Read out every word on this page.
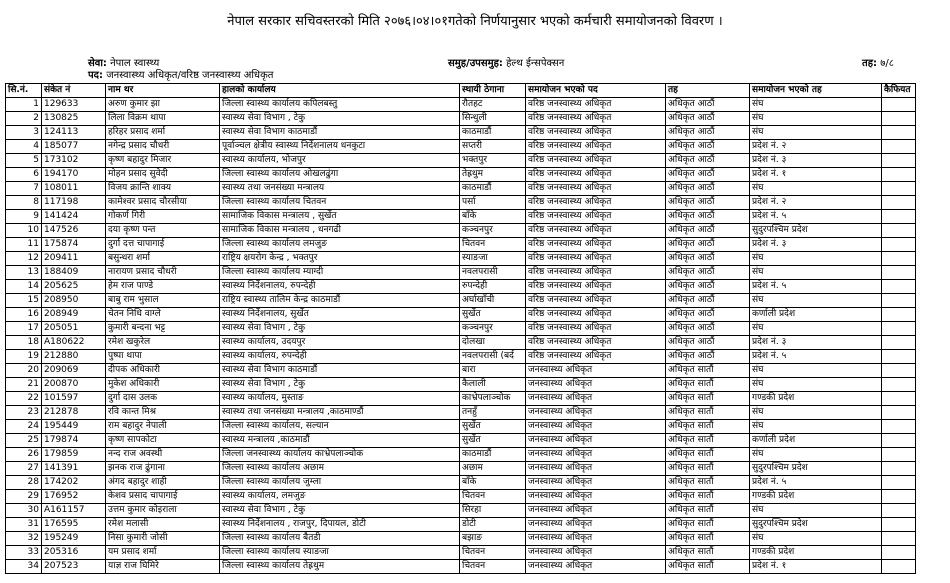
नेपाल सरकार सचिवस्तरको मिति २०७६।०४।०१गतेको निर्णयानुसार भएको कर्मचारी समायोजनको विवरण ।
सेवा: नेपाल स्वास्थ्य	समुह/उपसमुह: हेल्थ ईन्सपेक्सन	तह: ७/८
पद: जनस्वास्थ्य अधिकृत/वरिष्ठ जनस्वास्थ्य अधिकृत
सि.नं.	संकेत नं	नाम थर	हालको कार्यालय	स्थायी ठेगाना	समायोजन भएको पद	तह	समायोजन भएको तह	कैफियत
1	129633	अरुण कुमार झा	जिल्ला स्वास्थ्य कार्यालय कपिलबस्तु	रौतहट	वरिष्ठ जनस्वास्थ्य अधिकृत	अधिकृत आठौं	संघ	
2	130825	लिला विक्रम थापा	स्वास्थ्य सेवा विभाग , टेकु	सिन्धुली	वरिष्ठ जनस्वास्थ्य अधिकृत	अधिकृत आठौं	संघ	
3	124113	हरिहर प्रसाद शर्मा	स्वास्थ्य सेवा विभाग काठमाडौं	काठमाडौं	वरिष्ठ जनस्वास्थ्य अधिकृत	अधिकृत आठौं	संघ	
4	185077	नगेन्द्र प्रसाद चौधरी	पूर्वाञ्चल क्षेत्रीय स्वास्थ्य निर्देशनालय धनकुटा	सप्तरी	वरिष्ठ जनस्वास्थ्य अधिकृत	अधिकृत आठौं	प्रदेश नं. २	
5	173102	कृष्ण बहादुर मिजार	स्वास्थ्य कार्यालय, भोजपुर	भक्तपुर	वरिष्ठ जनस्वास्थ्य अधिकृत	अधिकृत आठौं	प्रदेश नं. ३	
6	194170	मोहन प्रसाद सुवेदी	जिल्ला स्वास्थ्य कार्यालय ओखलढुंगा	तेह्रथुम	वरिष्ठ जनस्वास्थ्य अधिकृत	अधिकृत आठौं	प्रदेश नं. १	
7	108011	विजय क्रान्ति शाक्य	स्वास्थ्य तथा जनसंख्या मन्त्रालय	काठमाडौं	वरिष्ठ जनस्वास्थ्य अधिकृत	अधिकृत आठौं	संघ	
8	117198	कामेश्वर प्रसाद चौरसीया	जिल्ला स्वास्थ्य कार्यालय चितवन	पर्सा	वरिष्ठ जनस्वास्थ्य अधिकृत	अधिकृत आठौं	प्रदेश नं. २	
9	141424	गोकर्ण गिरी	सामाजिक विकास मन्त्रालय , सुर्खेत	बाँके	वरिष्ठ जनस्वास्थ्य अधिकृत	अधिकृत आठौं	प्रदेश नं. ५	
10	147526	दया कृष्ण पन्त	सामाजिक विकास मन्त्रालय , धनगढी	कञ्चनपुर	वरिष्ठ जनस्वास्थ्य अधिकृत	अधिकृत आठौं	सुदुरपश्चिम प्रदेश	
11	175874	दुर्गा दत्त चापागाई	जिल्ला स्वास्थ्य कार्यालय लमजुङ	चितवन	वरिष्ठ जनस्वास्थ्य अधिकृत	अधिकृत आठौं	प्रदेश नं. ३	
12	209411	बसुन्धरा शर्मा	राष्ट्रिय क्षयरोग केन्द्र , भक्तपुर	स्याङजा	वरिष्ठ जनस्वास्थ्य अधिकृत	अधिकृत आठौं	संघ	
13	188409	नारायण प्रसाद चौधरी	जिल्ला स्वास्थ्य कार्यालय म्याग्दी	नवलपरासी	वरिष्ठ जनस्वास्थ्य अधिकृत	अधिकृत आठौं	संघ	
14	205625	हेम राज पाण्डे	स्वास्थ्य निर्देशनालय, रुपन्देही	रुपन्देही	वरिष्ठ जनस्वास्थ्य अधिकृत	अधिकृत आठौं	प्रदेश नं. ५	
15	208950	बाबु राम भुसाल	राष्ट्रिय स्वास्थ्य तालिम केन्द्र काठमाडौं	अर्घाखाँची	वरिष्ठ जनस्वास्थ्य अधिकृत	अधिकृत आठौं	संघ	
16	208949	चेतन निधि वाग्ले	स्वास्थ्य निर्देशनालय, सुर्खेत	सुर्खेत	वरिष्ठ जनस्वास्थ्य अधिकृत	अधिकृत आठौं	कर्णाली प्रदेश	
17	205051	कुमारी बन्दना भट्ट	स्वास्थ्य सेवा विभाग , टेकु	कञ्चनपुर	वरिष्ठ जनस्वास्थ्य अधिकृत	अधिकृत आठौं	संघ	
18	A180622	रमेश खकुरेल	स्वास्थ्य कार्यालय, उदयपुर	दोलखा	वरिष्ठ जनस्वास्थ्य अधिकृत	अधिकृत आठौं	प्रदेश नं. ३	
19	212880	पुष्पा थापा	स्वास्थ्य कार्यालय, रुपन्देही	नवलपरासी (बर्द	वरिष्ठ जनस्वास्थ्य अधिकृत	अधिकृत आठौं	प्रदेश नं. ५	
20	209069	दीपक अधिकारी	स्वास्थ्य सेवा विभाग काठमाडौं	बारा	जनस्वास्थ्य अधिकृत	अधिकृत सातौं	संघ	
21	200870	मुकेश अधिकारी	स्वास्थ्य सेवा विभाग , टेकु	कैलाली	जनस्वास्थ्य अधिकृत	अधिकृत सातौं	संघ	
22	101597	दुर्गा दास उलक	स्वास्थ्य कार्यालय, मुस्ताङ	काभ्रेपलाञ्चोक	जनस्वास्थ्य अधिकृत	अधिकृत सातौं	गण्डकी प्रदेश	
23	212878	रवि कान्त मिश्र	स्वास्थ्य तथा जनसंख्या मन्त्रालय ,काठमाण्डौं	तनहुँ	जनस्वास्थ्य अधिकृत	अधिकृत सातौं	संघ	
24	195449	राम बहादुर नेपाली	जिल्ला स्वास्थ्य कार्यालय, सल्यान	सुर्खेत	जनस्वास्थ्य अधिकृत	अधिकृत सातौं	संघ	
25	179874	कृष्ण सापकोटा	स्वास्थ्य मन्त्रालय ,काठमाडौं	सुर्खेत	जनस्वास्थ्य अधिकृत	अधिकृत सातौं	कर्णाली प्रदेश	
26	179859	नन्द राज अवस्थी	जिल्ला जनस्वास्थ्य कार्यालय काभ्रेपलाञ्चोक	काठमाडौं	जनस्वास्थ्य अधिकृत	अधिकृत सातौं	संघ	
27	141391	झनक राज ढुंगाना	जिल्ला स्वास्थ्य कार्यालय अछाम	अछाम	जनस्वास्थ्य अधिकृत	अधिकृत सातौं	सुदुरपश्चिम प्रदेश	
28	174202	अंगद बहादुर शाही	जिल्ला स्वास्थ्य कार्यालय जुम्ला	बाँके	जनस्वास्थ्य अधिकृत	अधिकृत सातौं	प्रदेश नं. ५	
29	176952	केशव प्रसाद चापागाई	स्वास्थ्य कार्यालय, लमजुङ	चितवन	जनस्वास्थ्य अधिकृत	अधिकृत सातौं	गण्डकी प्रदेश	
30	A161157	उत्तम कुमार कोइराला	स्वास्थ्य सेवा विभाग , टेकु	सिरहा	जनस्वास्थ्य अधिकृत	अधिकृत सातौं	संघ	
31	176595	रमेश मलासी	स्वास्थ्य निर्देशनालय , राजपुर, दिपायल, डोटी	डोटी	जनस्वास्थ्य अधिकृत	अधिकृत सातौं	सुदुरपश्चिम प्रदेश	
32	195249	निसा कुमारी जोसी	जिल्ला स्वास्थ्य कार्यालय बैतडी	बझाङ	जनस्वास्थ्य अधिकृत	अधिकृत सातौं	संघ	
33	205316	यम प्रसाद शर्मा	जिल्ला स्वास्थ्य कार्यालय स्याङजा	चितवन	जनस्वास्थ्य अधिकृत	अधिकृत सातौं	गण्डकी प्रदेश	
34	207523	याज्ञ राज घिमिरे	जिल्ला स्वास्थ्य कार्यालय तेह्रथुम	चितवन	जनस्वास्थ्य अधिकृत	अधिकृत सातौं	प्रदेश नं. १	
